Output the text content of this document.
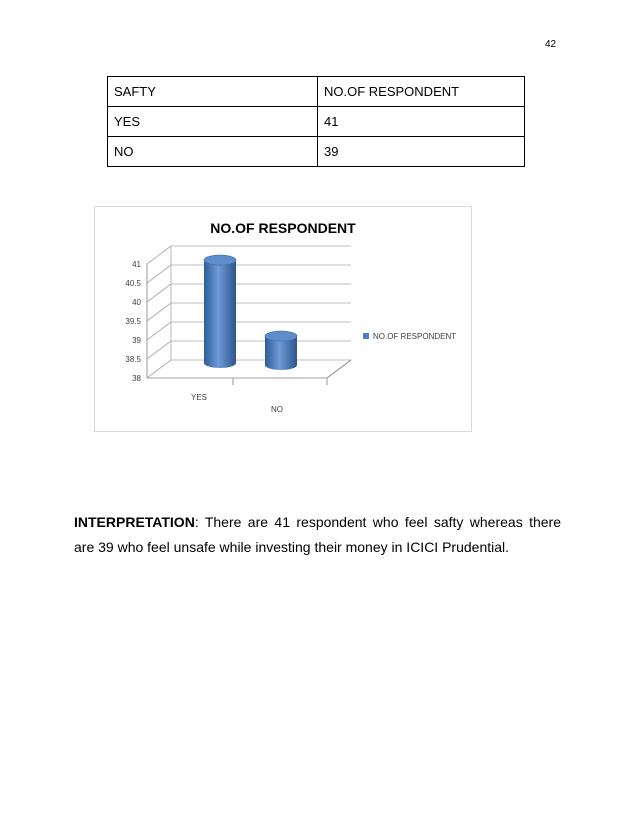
42
SAFTY	NO.OF RESPONDENT
YES	41
NO	39
NO.OF RESPONDENT
38
38.5
39
39.5
40
40.5
41
YES
NO
NO.OF RESPONDENT
INTERPRETATION: There are 41 respondent who feel safty whereas there are 39 who feel unsafe while investing their money in ICICI Prudential.
